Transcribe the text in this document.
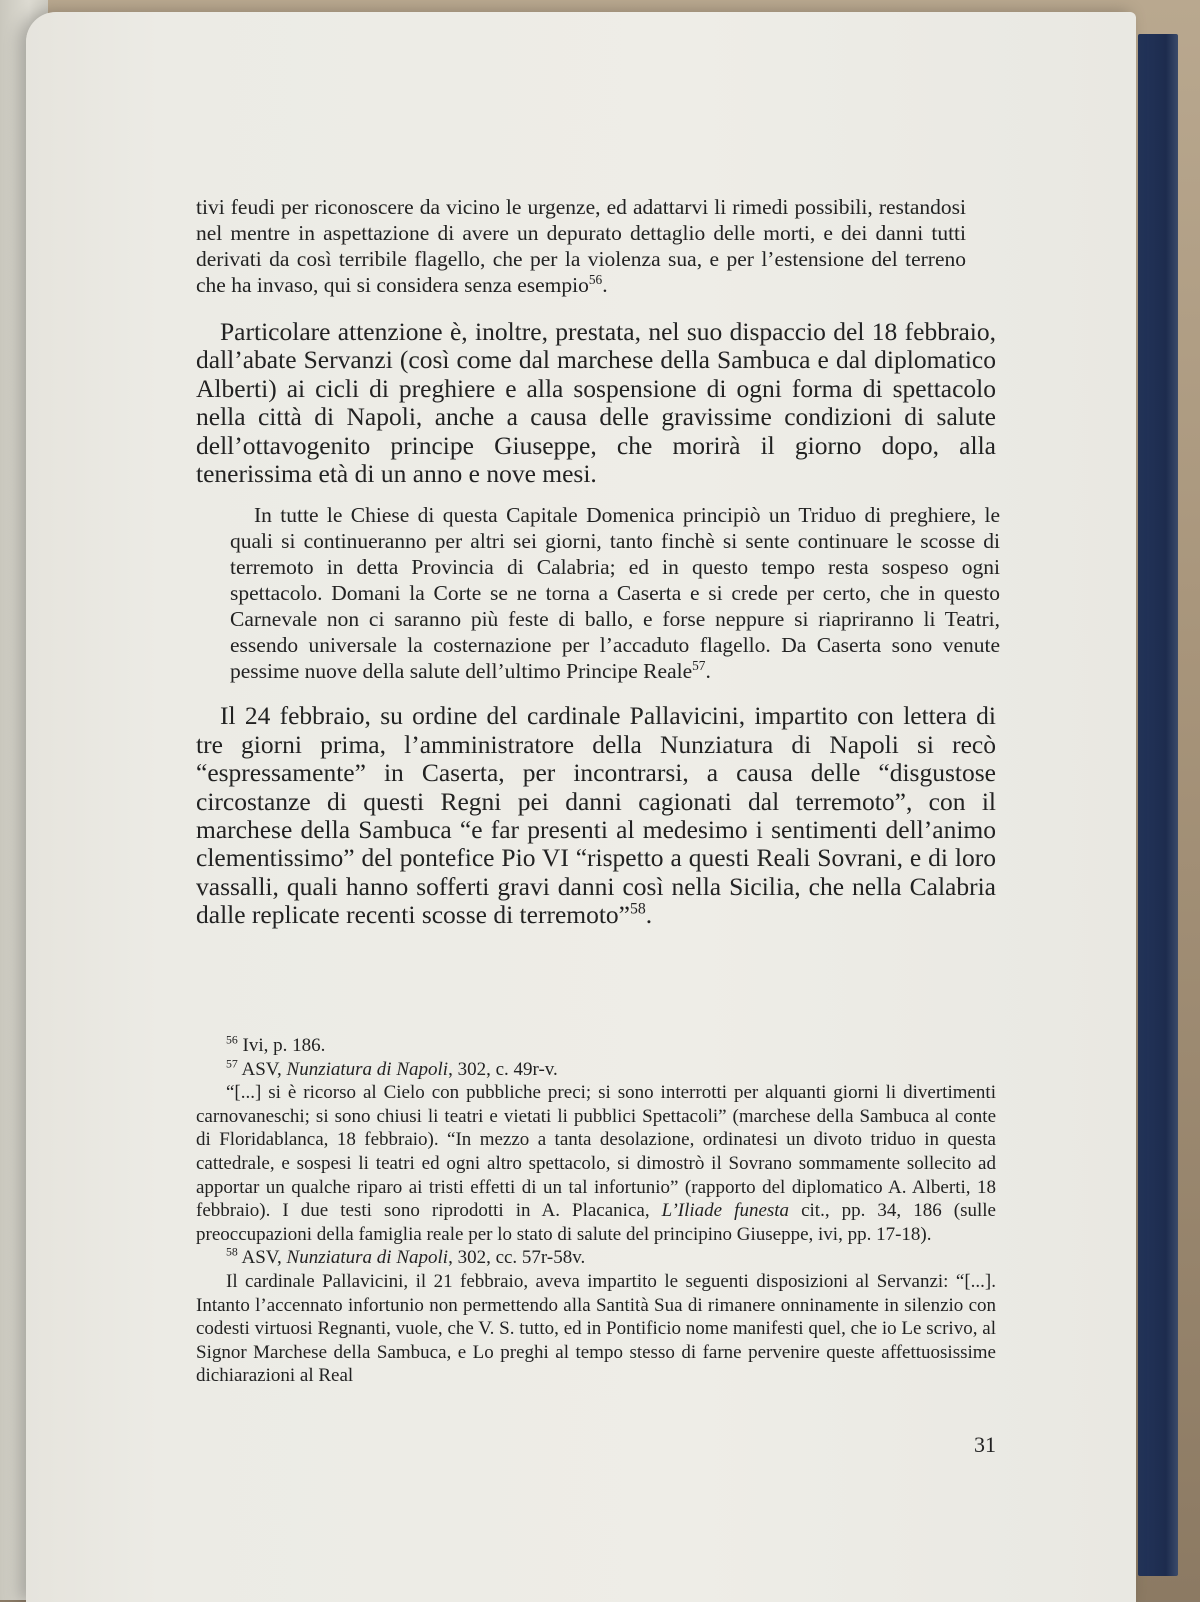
tivi feudi per riconoscere da vicino le urgenze, ed adattarvi li rimedi possibili, restandosi nel mentre in aspettazione di avere un depurato dettaglio delle morti, e dei danni tutti derivati da così terribile flagello, che per la violenza sua, e per l’estensione del terreno che ha invaso, qui si considera senza esempio$^{56}$.

Particolare attenzione è, inoltre, prestata, nel suo dispaccio del 18 febbraio, dall’abate Servanzi (così come dal marchese della Sambuca e dal diplomatico Alberti) ai cicli di preghiere e alla sospensione di ogni forma di spettacolo nella città di Napoli, anche a causa delle gravissime condizioni di salute dell’ottavogenito principe Giuseppe, che morirà il giorno dopo, alla tenerissima età di un anno e nove mesi.

In tutte le Chiese di questa Capitale Domenica principiò un Triduo di preghiere, le quali si continueranno per altri sei giorni, tanto finchè si sente continuare le scosse di terremoto in detta Provincia di Calabria; ed in questo tempo resta sospeso ogni spettacolo. Domani la Corte se ne torna a Caserta e si crede per certo, che in questo Carnevale non ci saranno più feste di ballo, e forse neppure si riapriranno li Teatri, essendo universale la costernazione per l’accaduto flagello. Da Caserta sono venute pessime nuove della salute dell’ultimo Principe Reale$^{57}$.

Il 24 febbraio, su ordine del cardinale Pallavicini, impartito con lettera di tre giorni prima, l’amministratore della Nunziatura di Napoli si recò “espressamente” in Caserta, per incontrarsi, a causa delle “disgustose circostanze di questi Regni pei danni cagionati dal terremoto”, con il marchese della Sambuca “e far presenti al medesimo i sentimenti dell’animo clementissimo” del pontefice Pio VI “rispetto a questi Reali Sovrani, e di loro vassalli, quali hanno sofferti gravi danni così nella Sicilia, che nella Calabria dalle replicate recenti scosse di terremoto”$^{58}$.

$^{56}$ Ivi, p. 186.

$^{57}$ ASV, Nunziatura di Napoli, 302, c. 49r-v.

“[...] si è ricorso al Cielo con pubbliche preci; si sono interrotti per alquanti giorni li divertimenti carnovaneschi; si sono chiusi li teatri e vietati li pubblici Spettacoli” (marchese della Sambuca al conte di Floridablanca, 18 febbraio). “In mezzo a tanta desolazione, ordinatesi un divoto triduo in questa cattedrale, e sospesi li teatri ed ogni altro spettacolo, si dimostrò il Sovrano sommamente sollecito ad apportar un qualche riparo ai tristi effetti di un tal infortunio” (rapporto del diplomatico A. Alberti, 18 febbraio). I due testi sono riprodotti in A. Placanica, L’Iliade funesta cit., pp. 34, 186 (sulle preoccupazioni della famiglia reale per lo stato di salute del principino Giuseppe, ivi, pp. 17-18).

$^{58}$ ASV, Nunziatura di Napoli, 302, cc. 57r-58v.

Il cardinale Pallavicini, il 21 febbraio, aveva impartito le seguenti disposizioni al Servanzi: “[...]. Intanto l’accennato infortunio non permettendo alla Santità Sua di rimanere onninamente in silenzio con codesti virtuosi Regnanti, vuole, che V. S. tutto, ed in Pontificio nome manifesti quel, che io Le scrivo, al Signor Marchese della Sambuca, e Lo preghi al tempo stesso di farne pervenire queste affettuosissime dichiarazioni al Real

31
